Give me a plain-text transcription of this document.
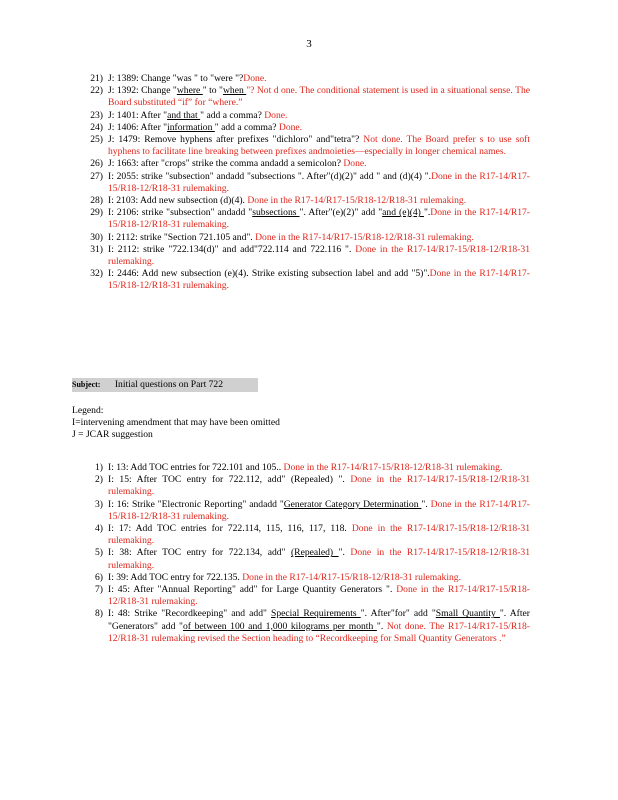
3
21) J: 1389: Change "was " to "were "?Done.
22) J: 1392: Change "where " to "when "? Not d one. The conditional statement is used in a situational sense. The Board substituted “if” for “where.”
23) J: 1401: After "and that " add a comma? Done.
24) J: 1406: After "information " add a comma? Done.
25) J: 1479: Remove hyphens after prefixes "dichloro" and"tetra"? Not done. The Board prefer s to use soft hyphens to facilitate line breaking between prefixes andmoieties—especially in longer chemical names.
26) J: 1663: after "crops" strike the comma andadd a semicolon? Done.
27) I: 2055: strike "subsection" andadd "subsections ". After"(d)(2)" add " and (d)(4) ".Done in the R17-14/R17-15/R18-12/R18-31 rulemaking.
28) I: 2103: Add new subsection (d)(4). Done in the R17-14/R17-15/R18-12/R18-31 rulemaking.
29) I: 2106: strike "subsection" andadd "subsections ". After"(e)(2)" add "and (e)(4) ".Done in the R17-14/R17-15/R18-12/R18-31 rulemaking.
30) I: 2112: strike "Section 721.105 and". Done in the R17-14/R17-15/R18-12/R18-31 rulemaking.
31) I: 2112: strike "722.134(d)" and add"722.114 and 722.116 ". Done in the R17-14/R17-15/R18-12/R18-31 rulemaking.
32) I: 2446: Add new subsection (e)(4). Strike existing subsection label and add "5)".Done in the R17-14/R17-15/R18-12/R18-31 rulemaking.
Subject: Initial questions on Part 722
Legend:
I=intervening amendment that may have been omitted
J = JCAR suggestion
1) I: 13: Add TOC entries for 722.101 and 105.. Done in the R17-14/R17-15/R18-12/R18-31 rulemaking.
2) I: 15: After TOC entry for 722.112, add" (Repealed) ". Done in the R17-14/R17-15/R18-12/R18-31 rulemaking.
3) I: 16: Strike "Electronic Reporting" andadd "Generator Category Determination ". Done in the R17-14/R17-15/R18-12/R18-31 rulemaking.
4) I: 17: Add TOC entries for 722.114, 115, 116, 117, 118. Done in the R17-14/R17-15/R18-12/R18-31 rulemaking.
5) I: 38: After TOC entry for 722.134, add" (Repealed) ". Done in the R17-14/R17-15/R18-12/R18-31 rulemaking.
6) I: 39: Add TOC entry for 722.135. Done in the R17-14/R17-15/R18-12/R18-31 rulemaking.
7) I: 45: After "Annual Reporting" add" for Large Quantity Generators ". Done in the R17-14/R17-15/R18-12/R18-31 rulemaking.
8) I: 48: Strike "Recordkeeping" and add" Special Requirements ". After"for" add "Small Quantity ". After "Generators" add "of between 100 and 1,000 kilograms per month ". Not done. The R17-14/R17-15/R18-12/R18-31 rulemaking revised the Section heading to “Recordkeeping for Small Quantity Generators .”
